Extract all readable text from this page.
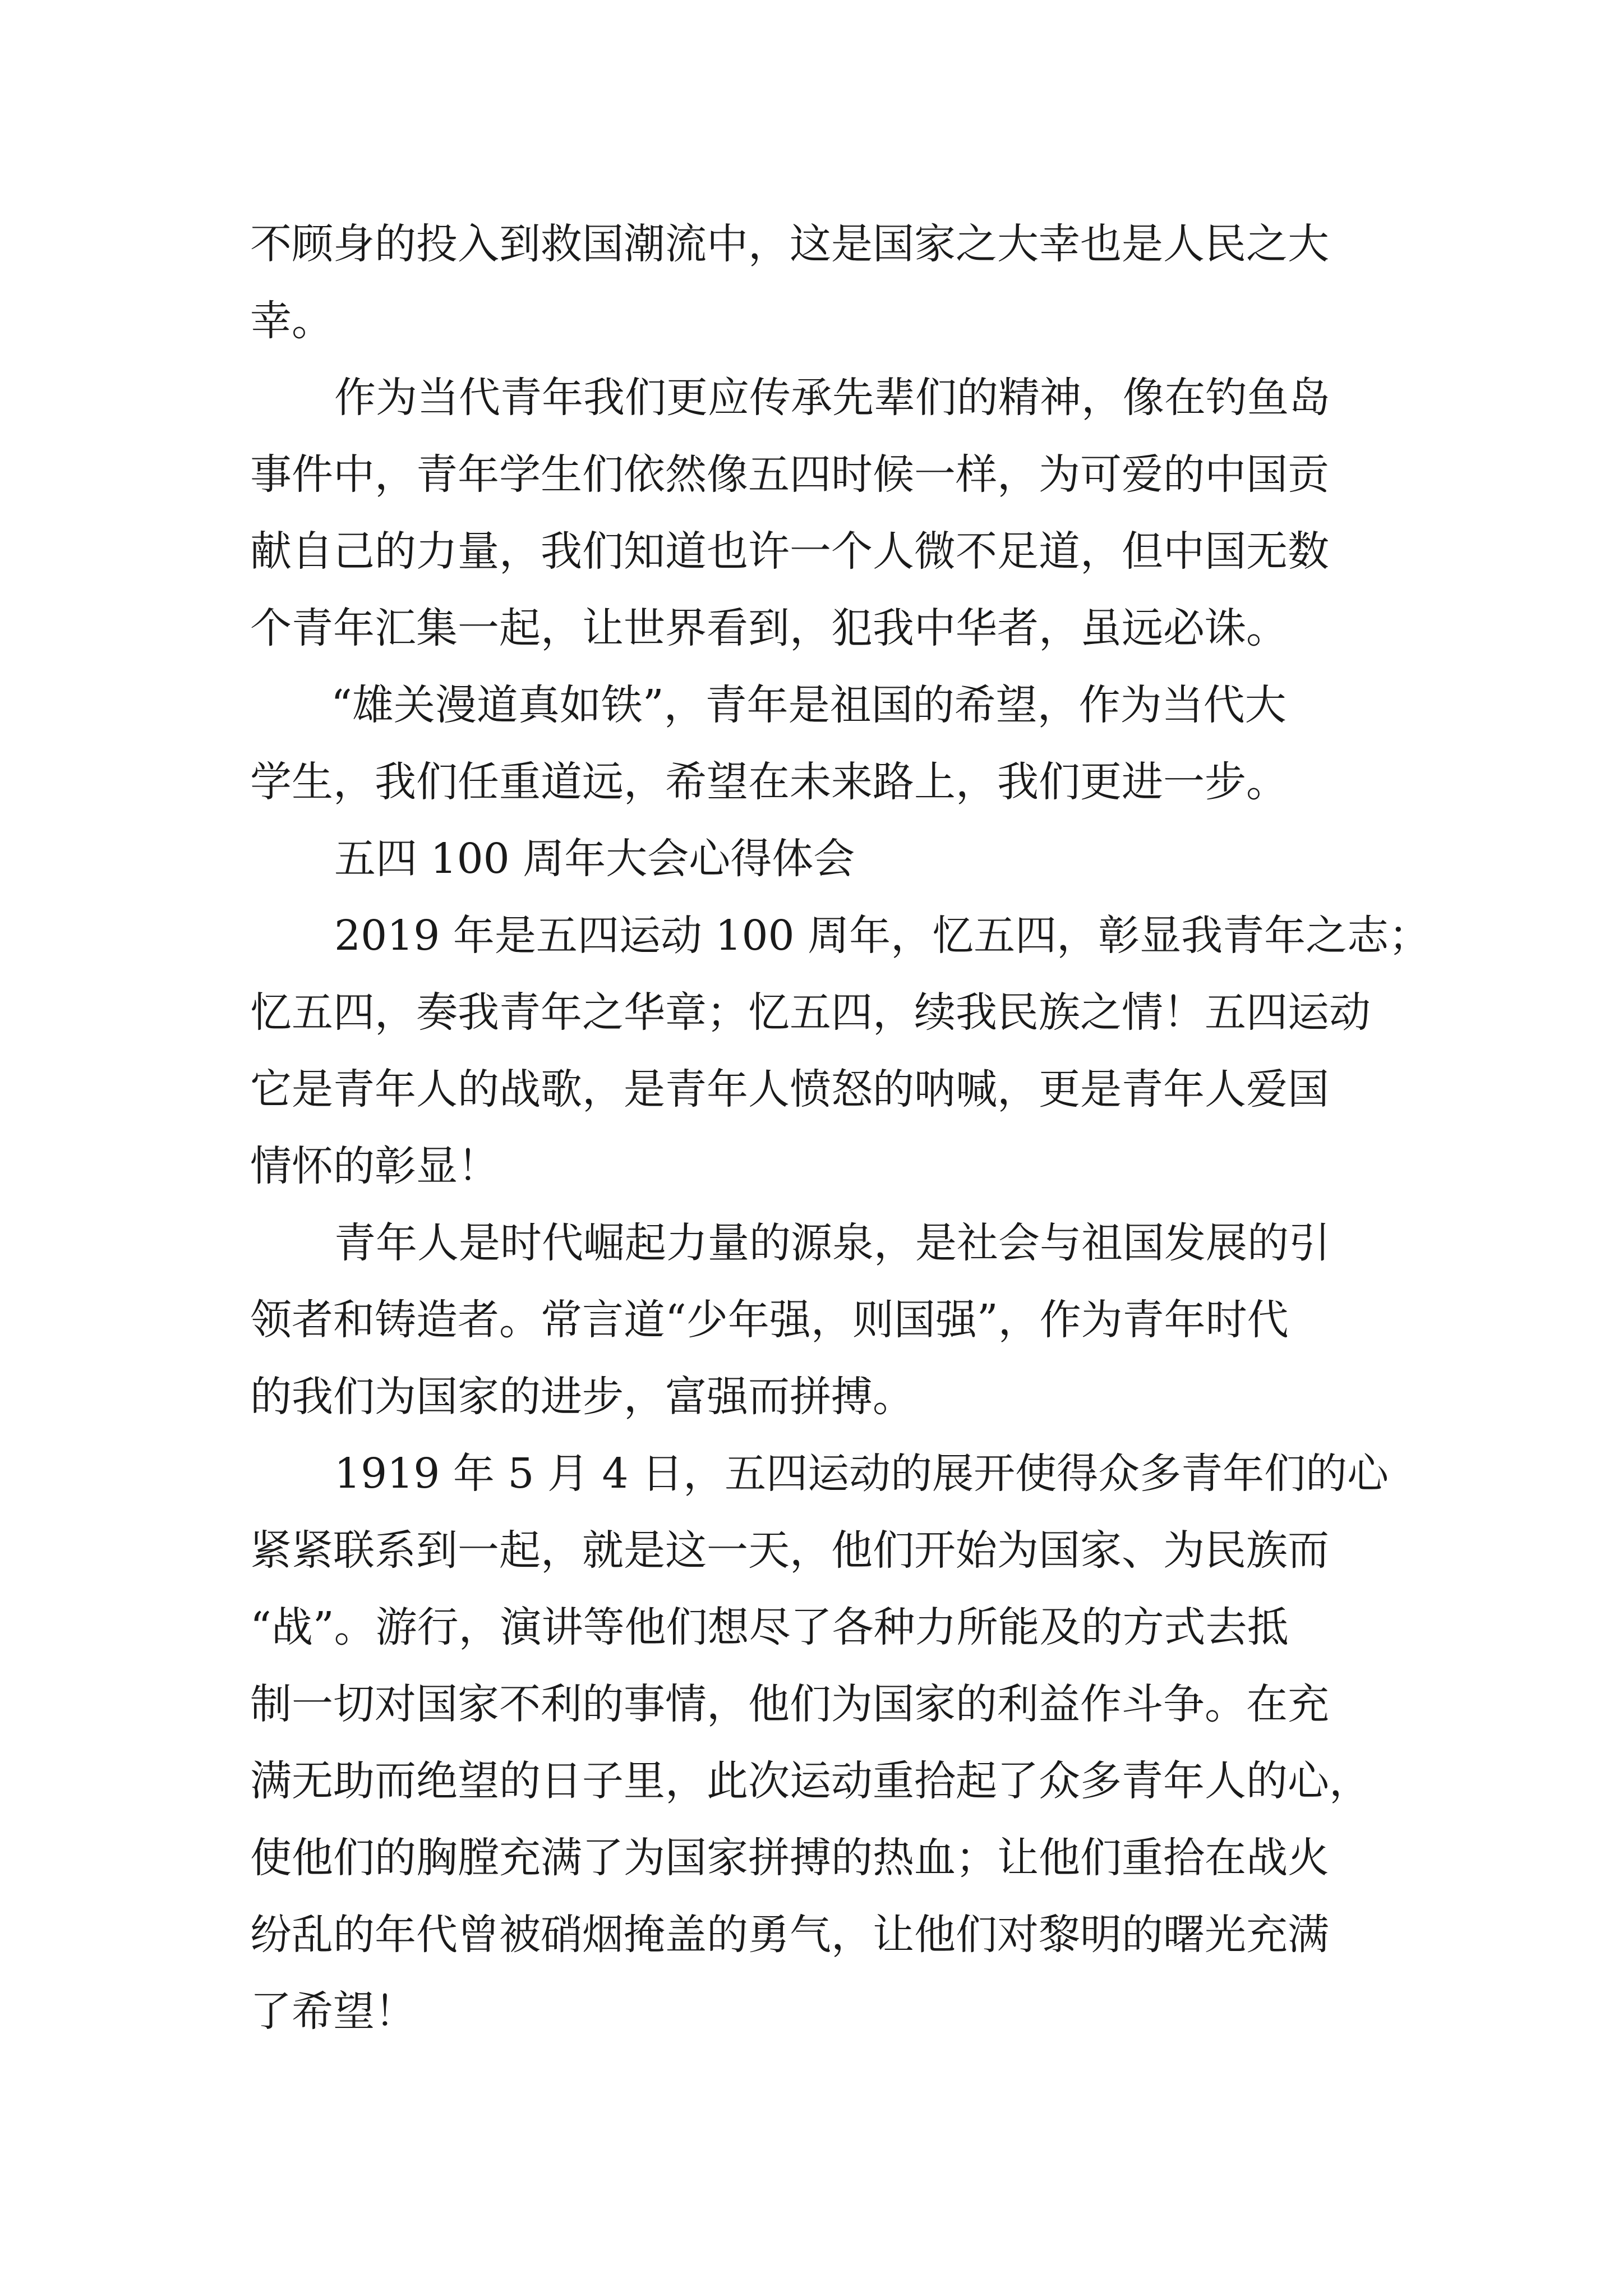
不顾身的投入到救国潮流中，这是国家之大幸也是人民之大

幸。

作为当代青年我们更应传承先辈们的精神，像在钓鱼岛

事件中，青年学生们依然像五四时候一样，为可爱的中国贡

献自己的力量，我们知道也许一个人微不足道，但中国无数

个青年汇集一起，让世界看到，犯我中华者，虽远必诛。

“雄关漫道真如铁”，青年是祖国的希望，作为当代大

学生，我们任重道远，希望在未来路上，我们更进一步。

五四 100 周年大会心得体会

2019 年是五四运动 100 周年，忆五四，彰显我青年之志；

忆五四，奏我青年之华章；忆五四，续我民族之情！五四运动

它是青年人的战歌，是青年人愤怒的呐喊，更是青年人爱国

情怀的彰显！

青年人是时代崛起力量的源泉，是社会与祖国发展的引

领者和铸造者。常言道“少年强，则国强”，作为青年时代

的我们为国家的进步，富强而拼搏。

1919 年 5 月 4 日，五四运动的展开使得众多青年们的心

紧紧联系到一起，就是这一天，他们开始为国家、为民族而

“战”。游行，演讲等他们想尽了各种力所能及的方式去抵

制一切对国家不利的事情，他们为国家的利益作斗争。在充

满无助而绝望的日子里，此次运动重拾起了众多青年人的心，

使他们的胸膛充满了为国家拼搏的热血；让他们重拾在战火

纷乱的年代曾被硝烟掩盖的勇气，让他们对黎明的曙光充满

了希望！
